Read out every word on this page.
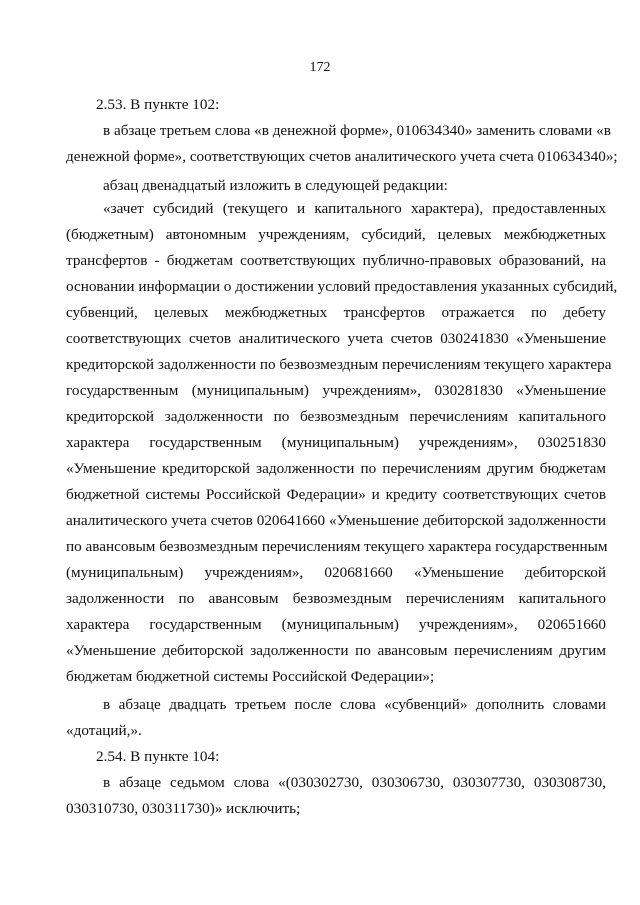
172
2.53. В пункте 102:
в абзаце третьем слова «в денежной форме», 010634340» заменить словами «в
денежной форме», соответствующих счетов аналитического учета счета 010634340»;
абзац двенадцатый изложить в следующей редакции:
«зачет субсидий (текущего и капитального характера), предоставленных
(бюджетным) автономным учреждениям, субсидий, целевых межбюджетных
трансфертов - бюджетам соответствующих публично-правовых образований, на
основании информации о достижении условий предоставления указанных субсидий,
субвенций, целевых межбюджетных трансфертов отражается по дебету
соответствующих счетов аналитического учета счетов 030241830 «Уменьшение
кредиторской задолженности по безвозмездным перечислениям текущего характера
государственным (муниципальным) учреждениям», 030281830 «Уменьшение
кредиторской задолженности по безвозмездным перечислениям капитального
характера государственным (муниципальным) учреждениям», 030251830
«Уменьшение кредиторской задолженности по перечислениям другим бюджетам
бюджетной системы Российской Федерации» и кредиту соответствующих счетов
аналитического учета счетов 020641660 «Уменьшение дебиторской задолженности
по авансовым безвозмездным перечислениям текущего характера государственным
(муниципальным) учреждениям», 020681660 «Уменьшение дебиторской
задолженности по авансовым безвозмездным перечислениям капитального
характера государственным (муниципальным) учреждениям», 020651660
«Уменьшение дебиторской задолженности по авансовым перечислениям другим
бюджетам бюджетной системы Российской Федерации»;
в абзаце двадцать третьем после слова «субвенций» дополнить словами
«дотаций,».
2.54. В пункте 104:
в абзаце седьмом слова «(030302730, 030306730, 030307730, 030308730,
030310730, 030311730)» исключить;
